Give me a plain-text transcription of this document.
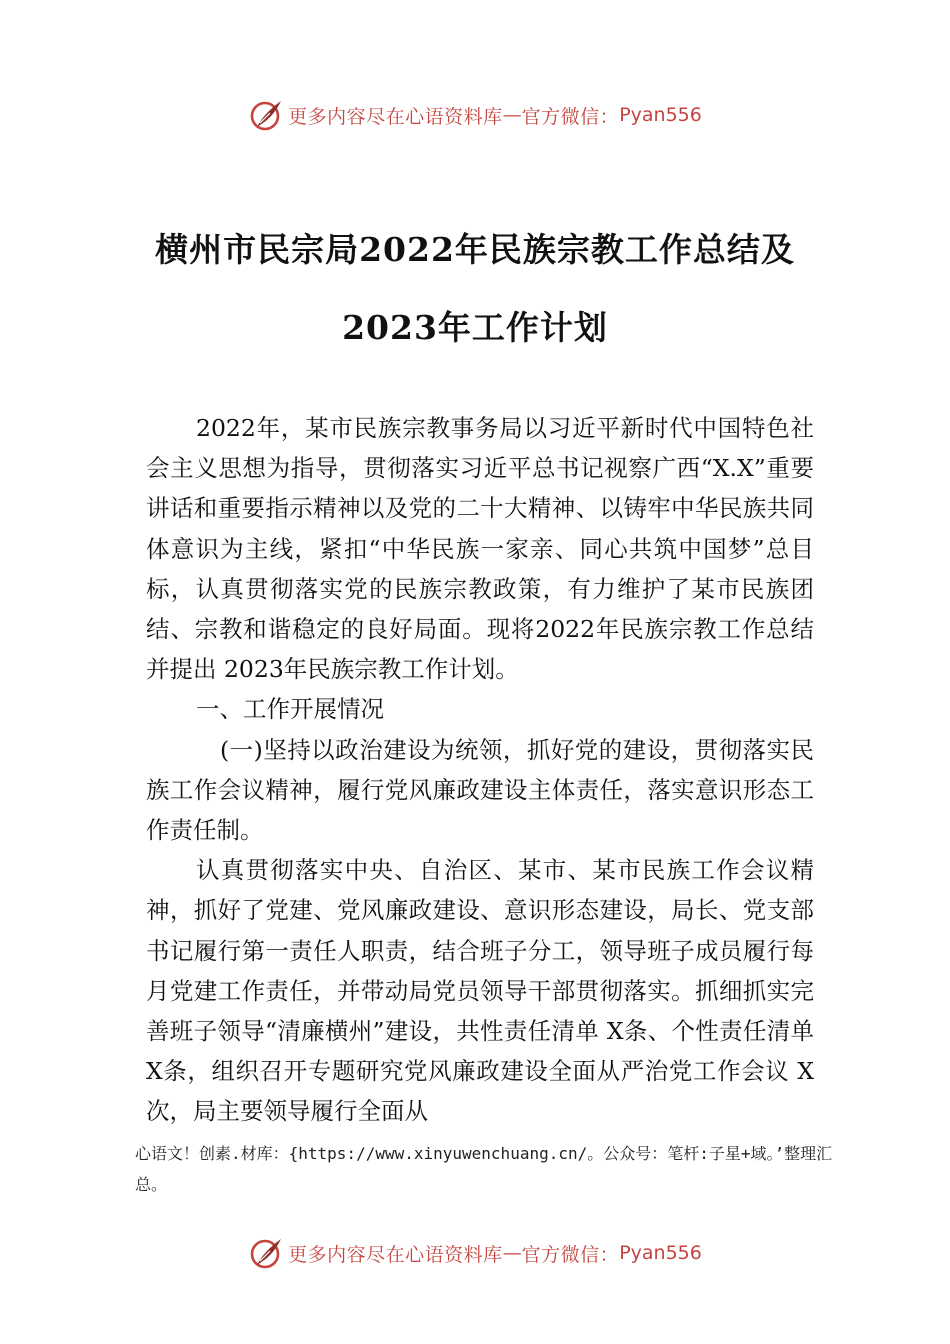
更多内容尽在心语资料库 — 官方微信： Pyan556
横州市民宗局2022年民族宗教工作总结及
2023年工作计划

2022年，某市民族宗教事务局以习近平新时代中国特色社会主义思想为指导，贯彻落实习近平总书记视察广西“X.X”重要讲话和重要指示精神以及党的二十大精神、以铸牢中华民族共同体意识为主线，紧扣“中华民族一家亲、同心共筑中国梦”总目标，认真贯彻落实党的民族宗教政策，有力维护了某市民族团结、宗教和谐稳定的良好局面。现将2022年民族宗教工作总结并提出 2023年民族宗教工作计划。

一、工作开展情况

(一)坚持以政治建设为统领，抓好党的建设，贯彻落实民族工作会议精神，履行党风廉政建设主体责任，落实意识形态工作责任制。

认真贯彻落实中央、自治区、某市、某市民族工作会议精神，抓好了党建、党风廉政建设、意识形态建设，局长、党支部书记履行第一责任人职责，结合班子分工，领导班子成员履行每月党建工作责任，并带动局党员领导干部贯彻落实。抓细抓实完善班子领导“清廉横州”建设，共性责任清单 X条、个性责任清单 X条，组织召开专题研究党风廉政建设全面从严治党工作会议 X次，局主要领导履行全面从

心语文！创素.材库：{https://www.xinyuwenchuang.cn/。公众号：笔杆:子星+域。’整理汇总。
更多内容尽在心语资料库 — 官方微信： Pyan556
